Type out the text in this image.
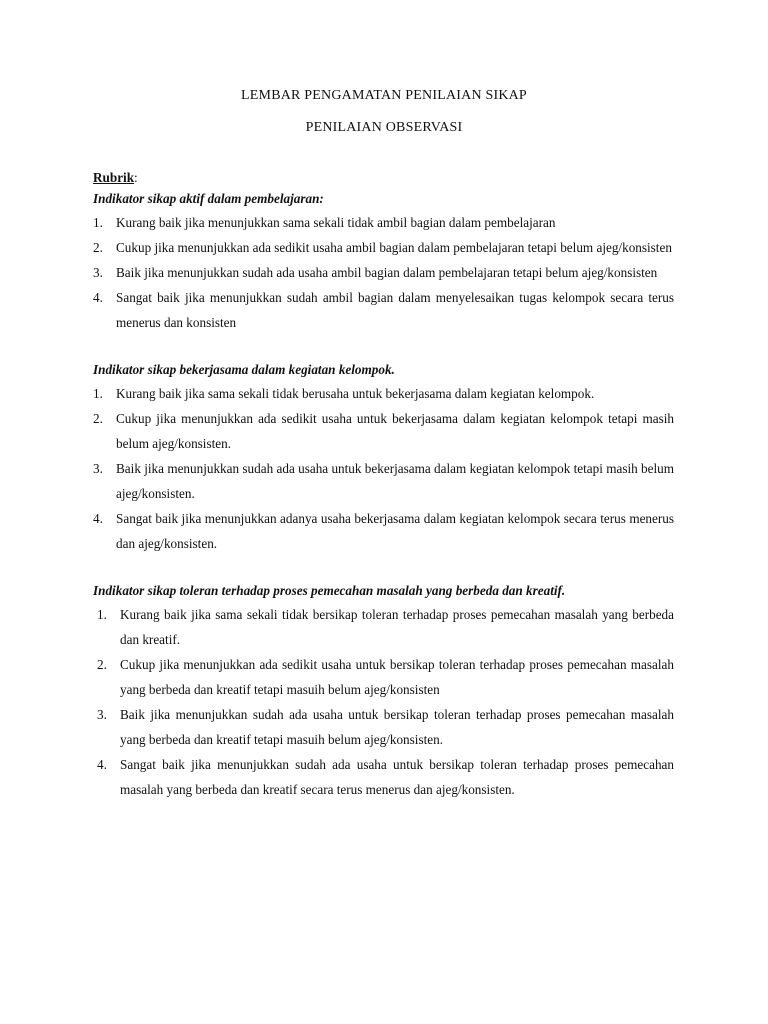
LEMBAR PENGAMATAN PENILAIAN SIKAP
PENILAIAN OBSERVASI
Rubrik:
Indikator sikap aktif dalam pembelajaran:
1. Kurang baik jika menunjukkan sama sekali tidak ambil bagian dalam pembelajaran
2. Cukup jika menunjukkan ada sedikit usaha ambil bagian dalam pembelajaran tetapi belum ajeg/konsisten
3. Baik jika menunjukkan sudah ada usaha ambil bagian dalam pembelajaran tetapi belum ajeg/konsisten
4. Sangat baik jika menunjukkan sudah ambil bagian dalam menyelesaikan tugas kelompok secara terus menerus dan konsisten
Indikator sikap bekerjasama dalam kegiatan kelompok.
1. Kurang baik jika sama sekali tidak berusaha untuk bekerjasama dalam kegiatan kelompok.
2. Cukup jika menunjukkan ada sedikit usaha untuk bekerjasama dalam kegiatan kelompok tetapi masih belum ajeg/konsisten.
3. Baik jika menunjukkan sudah ada usaha untuk bekerjasama dalam kegiatan kelompok tetapi masih belum ajeg/konsisten.
4. Sangat baik jika menunjukkan adanya usaha bekerjasama dalam kegiatan kelompok secara terus menerus dan ajeg/konsisten.
Indikator sikap toleran terhadap proses pemecahan masalah yang berbeda dan kreatif.
1. Kurang baik jika sama sekali tidak bersikap toleran terhadap proses pemecahan masalah yang berbeda dan kreatif.
2. Cukup jika menunjukkan ada sedikit usaha untuk bersikap toleran terhadap proses pemecahan masalah yang berbeda dan kreatif tetapi masuih belum ajeg/konsisten
3. Baik jika menunjukkan sudah ada usaha untuk bersikap toleran terhadap proses pemecahan masalah yang berbeda dan kreatif tetapi masuih belum ajeg/konsisten.
4. Sangat baik jika menunjukkan sudah ada usaha untuk bersikap toleran terhadap proses pemecahan masalah yang berbeda dan kreatif secara terus menerus dan ajeg/konsisten.
